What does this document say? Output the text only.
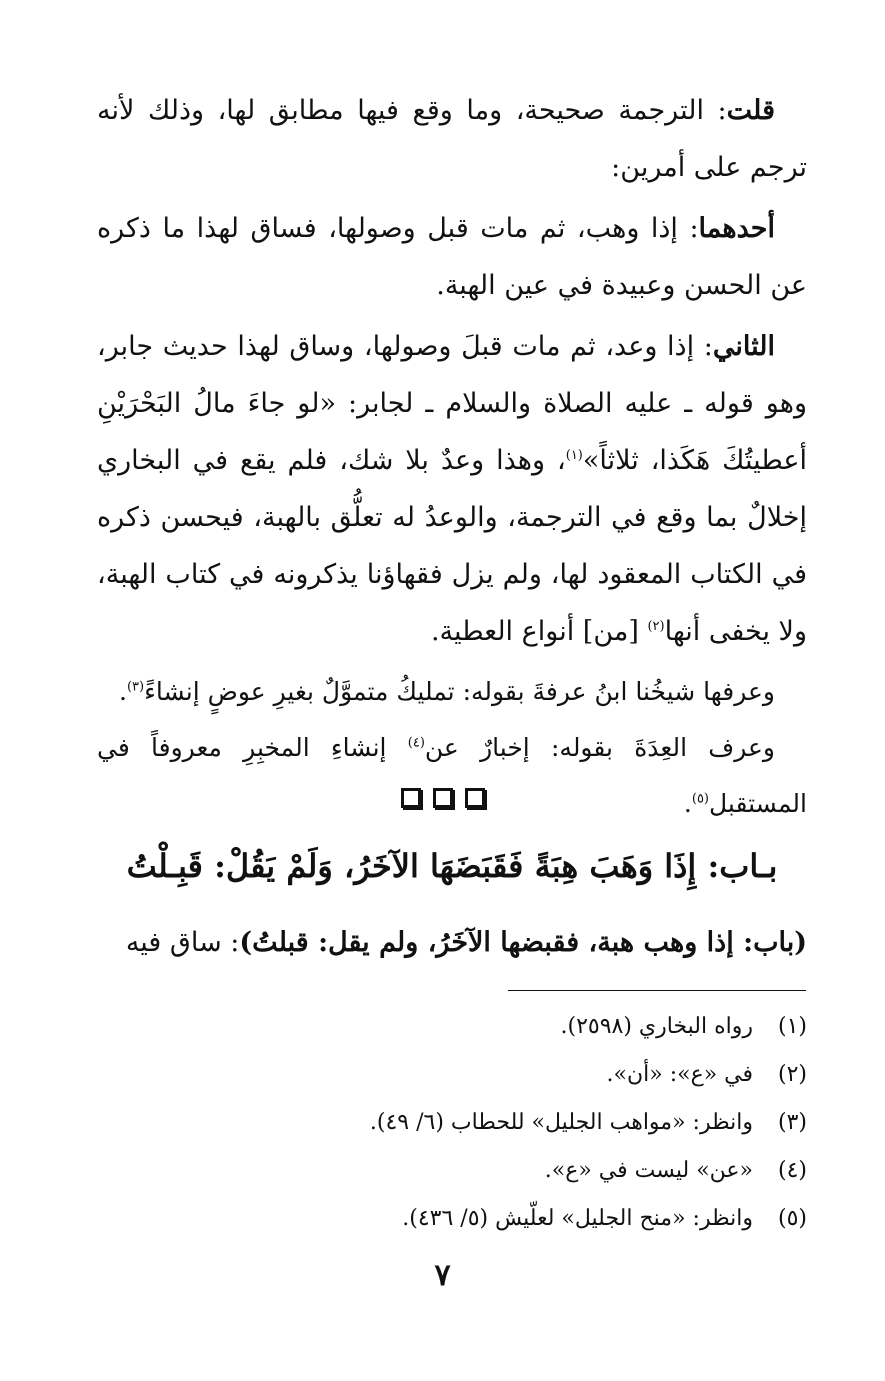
قلت: الترجمة صحيحة، وما وقع فيها مطابق لها، وذلك لأنه ترجم على أمرين:

أحدهما: إذا وهب، ثم مات قبل وصولها، فساق لهذا ما ذكره عن الحسن وعبيدة في عين الهبة.

الثاني: إذا وعد، ثم مات قبلَ وصولها، وساق لهذا حديث جابر، وهو قوله ـ عليه الصلاة والسلام ـ لجابر: «لو جاءَ مالُ البَحْرَيْنِ أعطيتُكَ هَكَذا، ثلاثاً»$^{(١)}$، وهذا وعدٌ بلا شك، فلم يقع في البخاري إخلالٌ بما وقع في الترجمة، والوعدُ له تعلُّق بالهبة، فيحسن ذكره في الكتاب المعقود لها، ولم يزل فقهاؤنا يذكرونه في كتاب الهبة، ولا يخفى أنها$^{(٢)}$ [من] أنواع العطية.

وعرفها شيخُنا ابنُ عرفةَ بقوله: تمليكُ متموَّلٌ بغيرِ عوضٍ إنشاءً$^{(٣)}$.

وعرف العِدَةَ بقوله: إخبارٌ عن$^{(٤)}$ إنشاءِ المخبِرِ معروفاً في المستقبل$^{(٥)}$.

بـاب: إِذَا وَهَبَ هِبَةً فَقَبَضَهَا الآخَرُ، وَلَمْ يَقُلْ: قَبِـلْتُ
(باب: إذا وهب هبة، فقبضها الآخَرُ، ولم يقل: قبلتُ): ساق فيه
(١)
رواه البخاري (٢٥٩٨).
(٢)
في «ع»: «أن».
(٣)
وانظر: «مواهب الجليل» للحطاب (٦/ ٤٩).
(٤)
«عن» ليست في «ع».
(٥)
وانظر: «منح الجليل» لعلّيش (٥/ ٤٣٦).
٧
